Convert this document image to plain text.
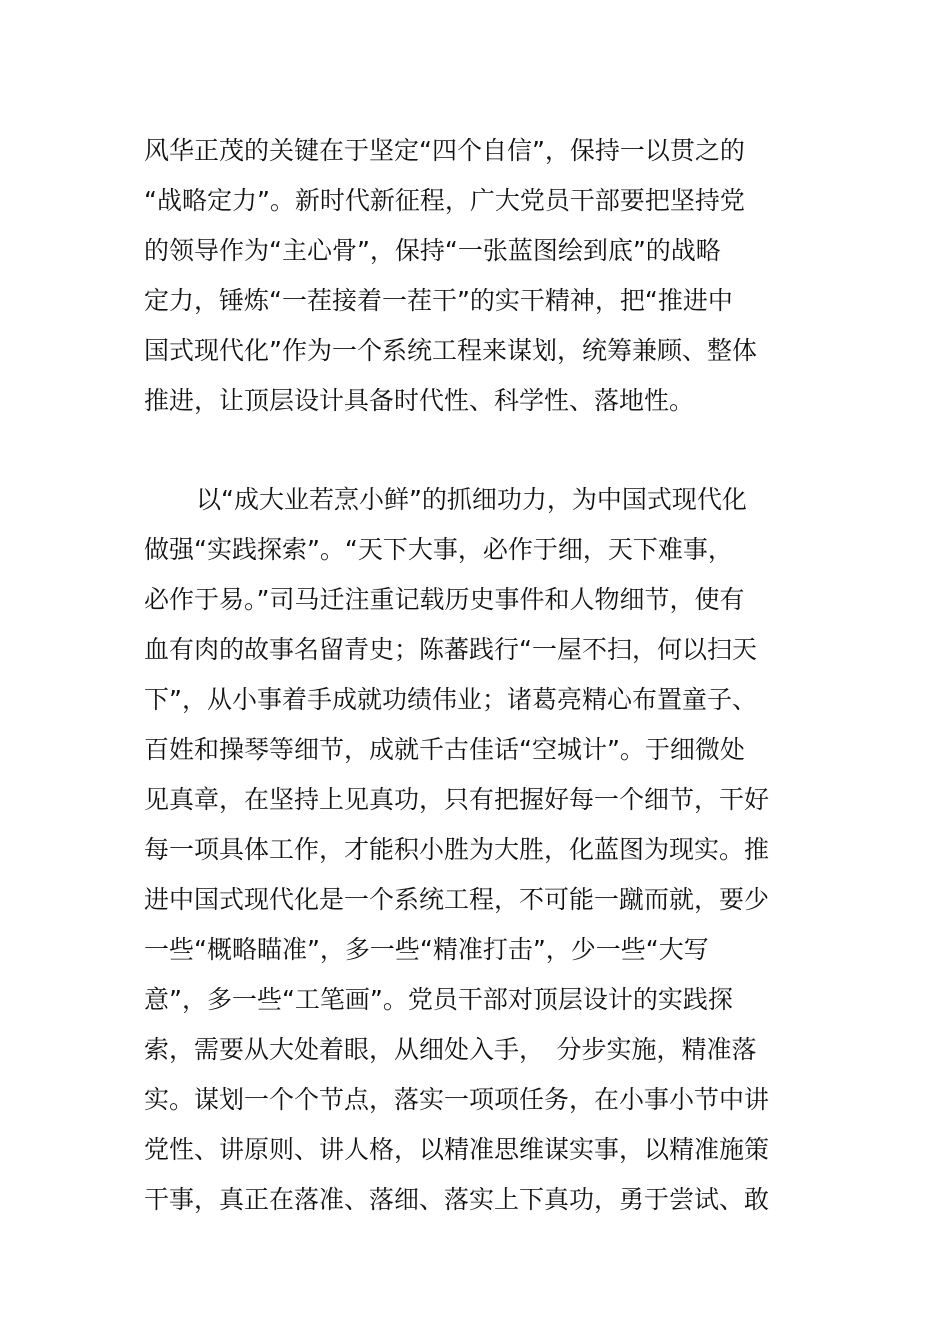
风华正茂的关键在于坚定“四个自信”，保持一以贯之的
“战略定力”。新时代新征程，广大党员干部要把坚持党
的领导作为“主心骨”，保持“一张蓝图绘到底”的战略
定力，锤炼“一茬接着一茬干”的实干精神，把“推进中
国式现代化”作为一个系统工程来谋划，统筹兼顾、整体
推进，让顶层设计具备时代性、科学性、落地性。
以“成大业若烹小鲜”的抓细功力，为中国式现代化
做强“实践探索”。“天下大事，必作于细，天下难事，
必作于易。”司马迁注重记载历史事件和人物细节，使有
血有肉的故事名留青史；陈蕃践行“一屋不扫，何以扫天
下”，从小事着手成就功绩伟业；诸葛亮精心布置童子、
百姓和操琴等细节，成就千古佳话“空城计”。于细微处
见真章，在坚持上见真功，只有把握好每一个细节，干好
每一项具体工作，才能积小胜为大胜，化蓝图为现实。推
进中国式现代化是一个系统工程，不可能一蹴而就，要少
一些“概略瞄准”，多一些“精准打击”，少一些“大写
意”，多一些“工笔画”。党员干部对顶层设计的实践探
索，需要从大处着眼，从细处入手，　分步实施，精准落
实。谋划一个个节点，落实一项项任务，在小事小节中讲
党性、讲原则、讲人格，以精准思维谋实事，以精准施策
干事，真正在落准、落细、落实上下真功，勇于尝试、敢
